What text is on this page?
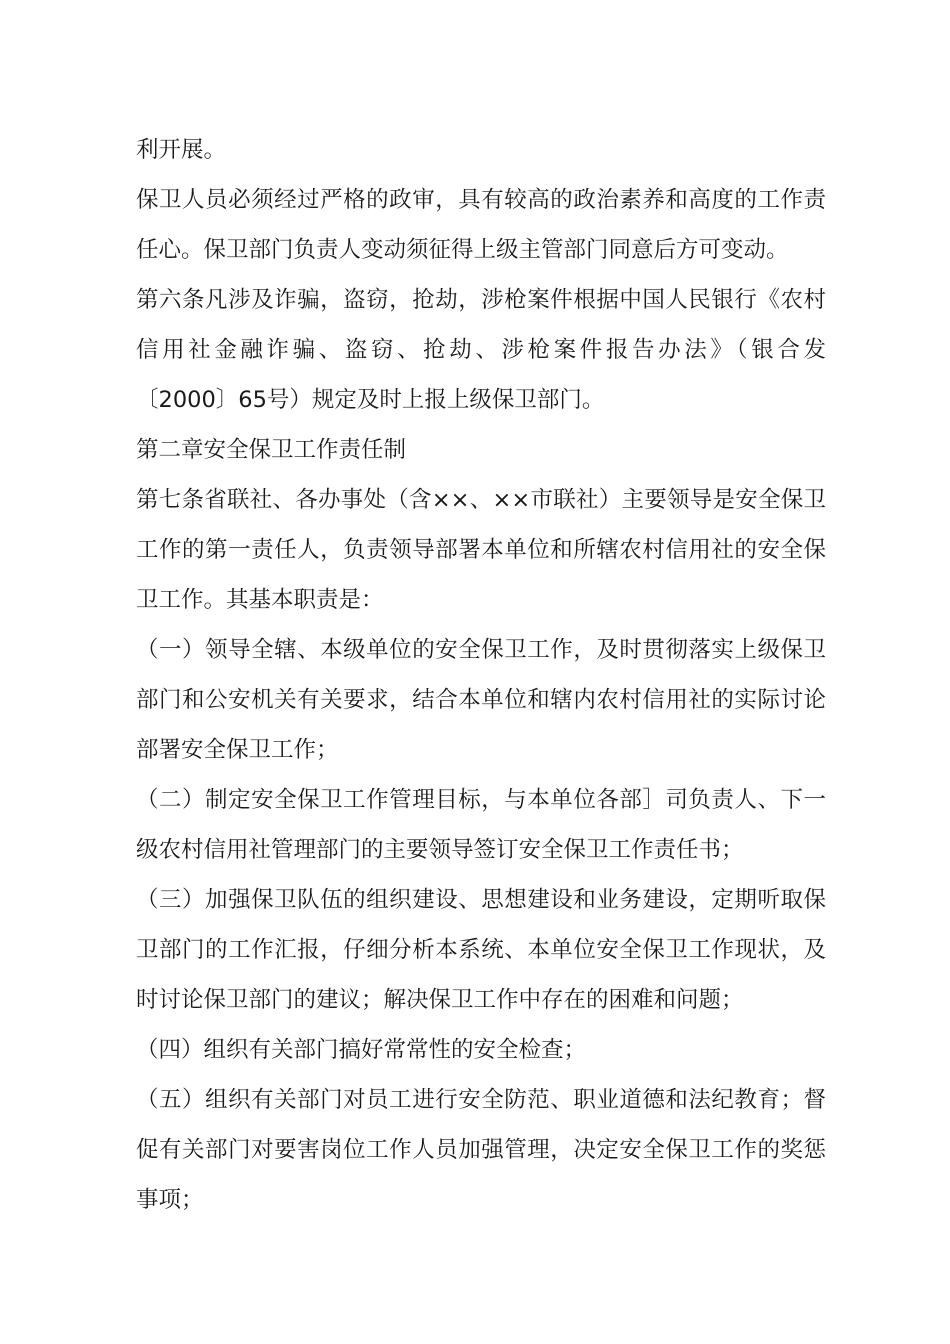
利开展。
保卫人员必须经过严格的政审，具有较高的政治素养和高度的工作责
任心。保卫部门负责人变动须征得上级主管部门同意后方可变动。
第六条凡涉及诈骗，盗窃，抢劫，涉枪案件根据中国人民银行《农村
信用社金融诈骗、盗窃、抢劫、涉枪案件报告办法》（银合发
〔2000〕65号）规定及时上报上级保卫部门。
第二章安全保卫工作责任制
第七条省联社、各办事处（含××、××市联社）主要领导是安全保卫
工作的第一责任人，负责领导部署本单位和所辖农村信用社的安全保
卫工作。其基本职责是：
（一）领导全辖、本级单位的安全保卫工作，及时贯彻落实上级保卫
部门和公安机关有关要求，结合本单位和辖内农村信用社的实际讨论
部署安全保卫工作；
（二）制定安全保卫工作管理目标，与本单位各部］司负责人、下一
级农村信用社管理部门的主要领导签订安全保卫工作责任书；
（三）加强保卫队伍的组织建设、思想建设和业务建设，定期听取保
卫部门的工作汇报，仔细分析本系统、本单位安全保卫工作现状，及
时讨论保卫部门的建议；解决保卫工作中存在的困难和问题；
（四）组织有关部门搞好常常性的安全检查；
（五）组织有关部门对员工进行安全防范、职业道德和法纪教育；督
促有关部门对要害岗位工作人员加强管理，决定安全保卫工作的奖惩
事项；
